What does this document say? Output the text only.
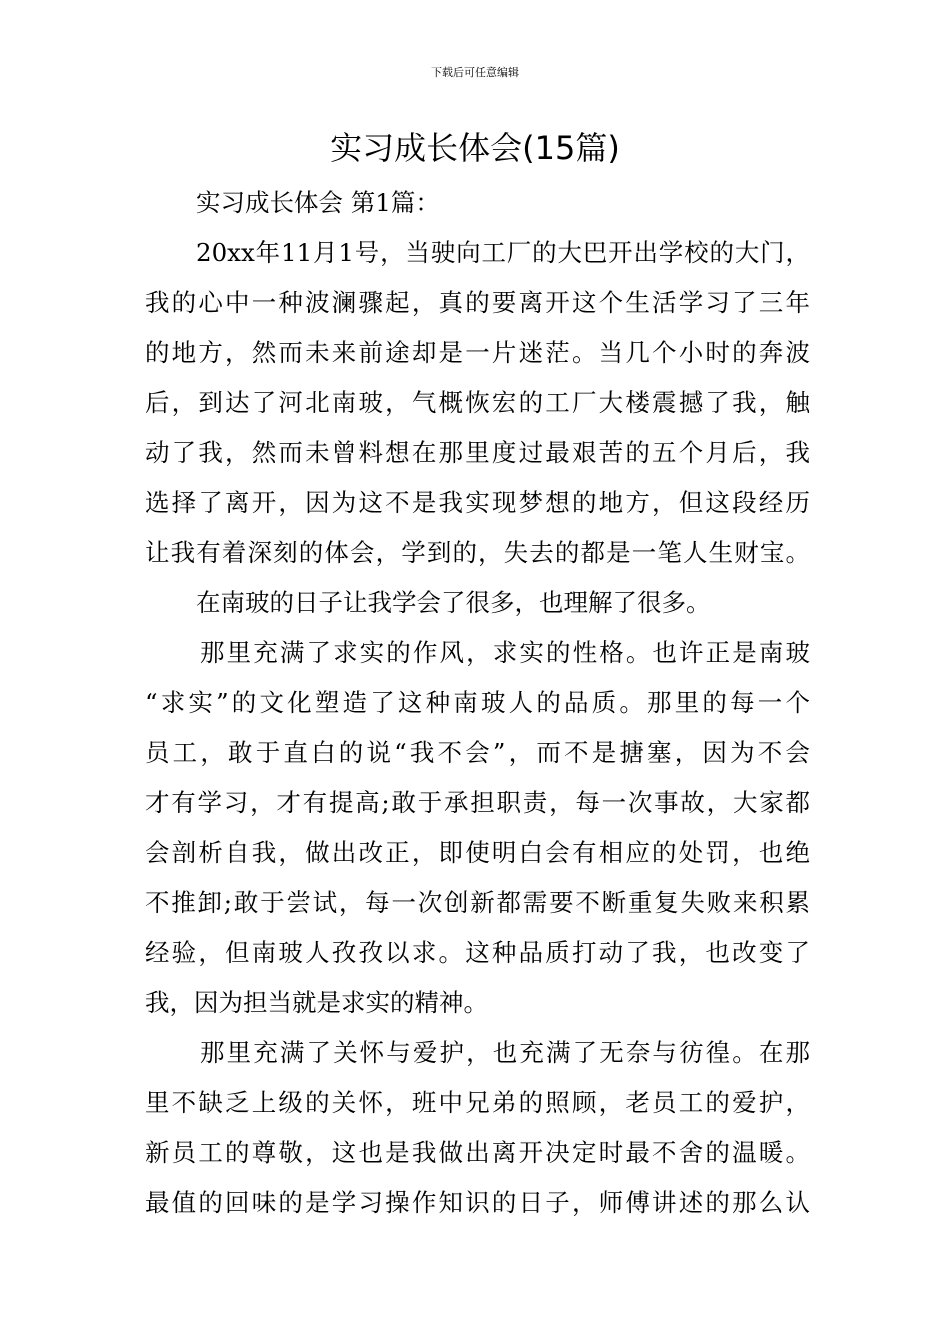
下载后可任意编辑
实习成长体会(15篇)
实习成长体会 第1篇：
20xx年11月1号，当驶向工厂的大巴开出学校的大门，
我的心中一种波澜骤起，真的要离开这个生活学习了三年
的地方，然而未来前途却是一片迷茫。当几个小时的奔波
后，到达了河北南玻，气概恢宏的工厂大楼震撼了我，触
动了我，然而未曾料想在那里度过最艰苦的五个月后，我
选择了离开，因为这不是我实现梦想的地方，但这段经历
让我有着深刻的体会，学到的，失去的都是一笔人生财宝。
在南玻的日子让我学会了很多，也理解了很多。
那里充满了求实的作风，求实的性格。也许正是南玻
“求实”的文化塑造了这种南玻人的品质。那里的每一个
员工，敢于直白的说“我不会”，而不是搪塞，因为不会
才有学习，才有提高;敢于承担职责，每一次事故，大家都
会剖析自我，做出改正，即使明白会有相应的处罚，也绝
不推卸;敢于尝试，每一次创新都需要不断重复失败来积累
经验，但南玻人孜孜以求。这种品质打动了我，也改变了
我，因为担当就是求实的精神。
那里充满了关怀与爱护，也充满了无奈与彷徨。在那
里不缺乏上级的关怀，班中兄弟的照顾，老员工的爱护，
新员工的尊敬，这也是我做出离开决定时最不舍的温暖。
最值的回味的是学习操作知识的日子，师傅讲述的那么认
